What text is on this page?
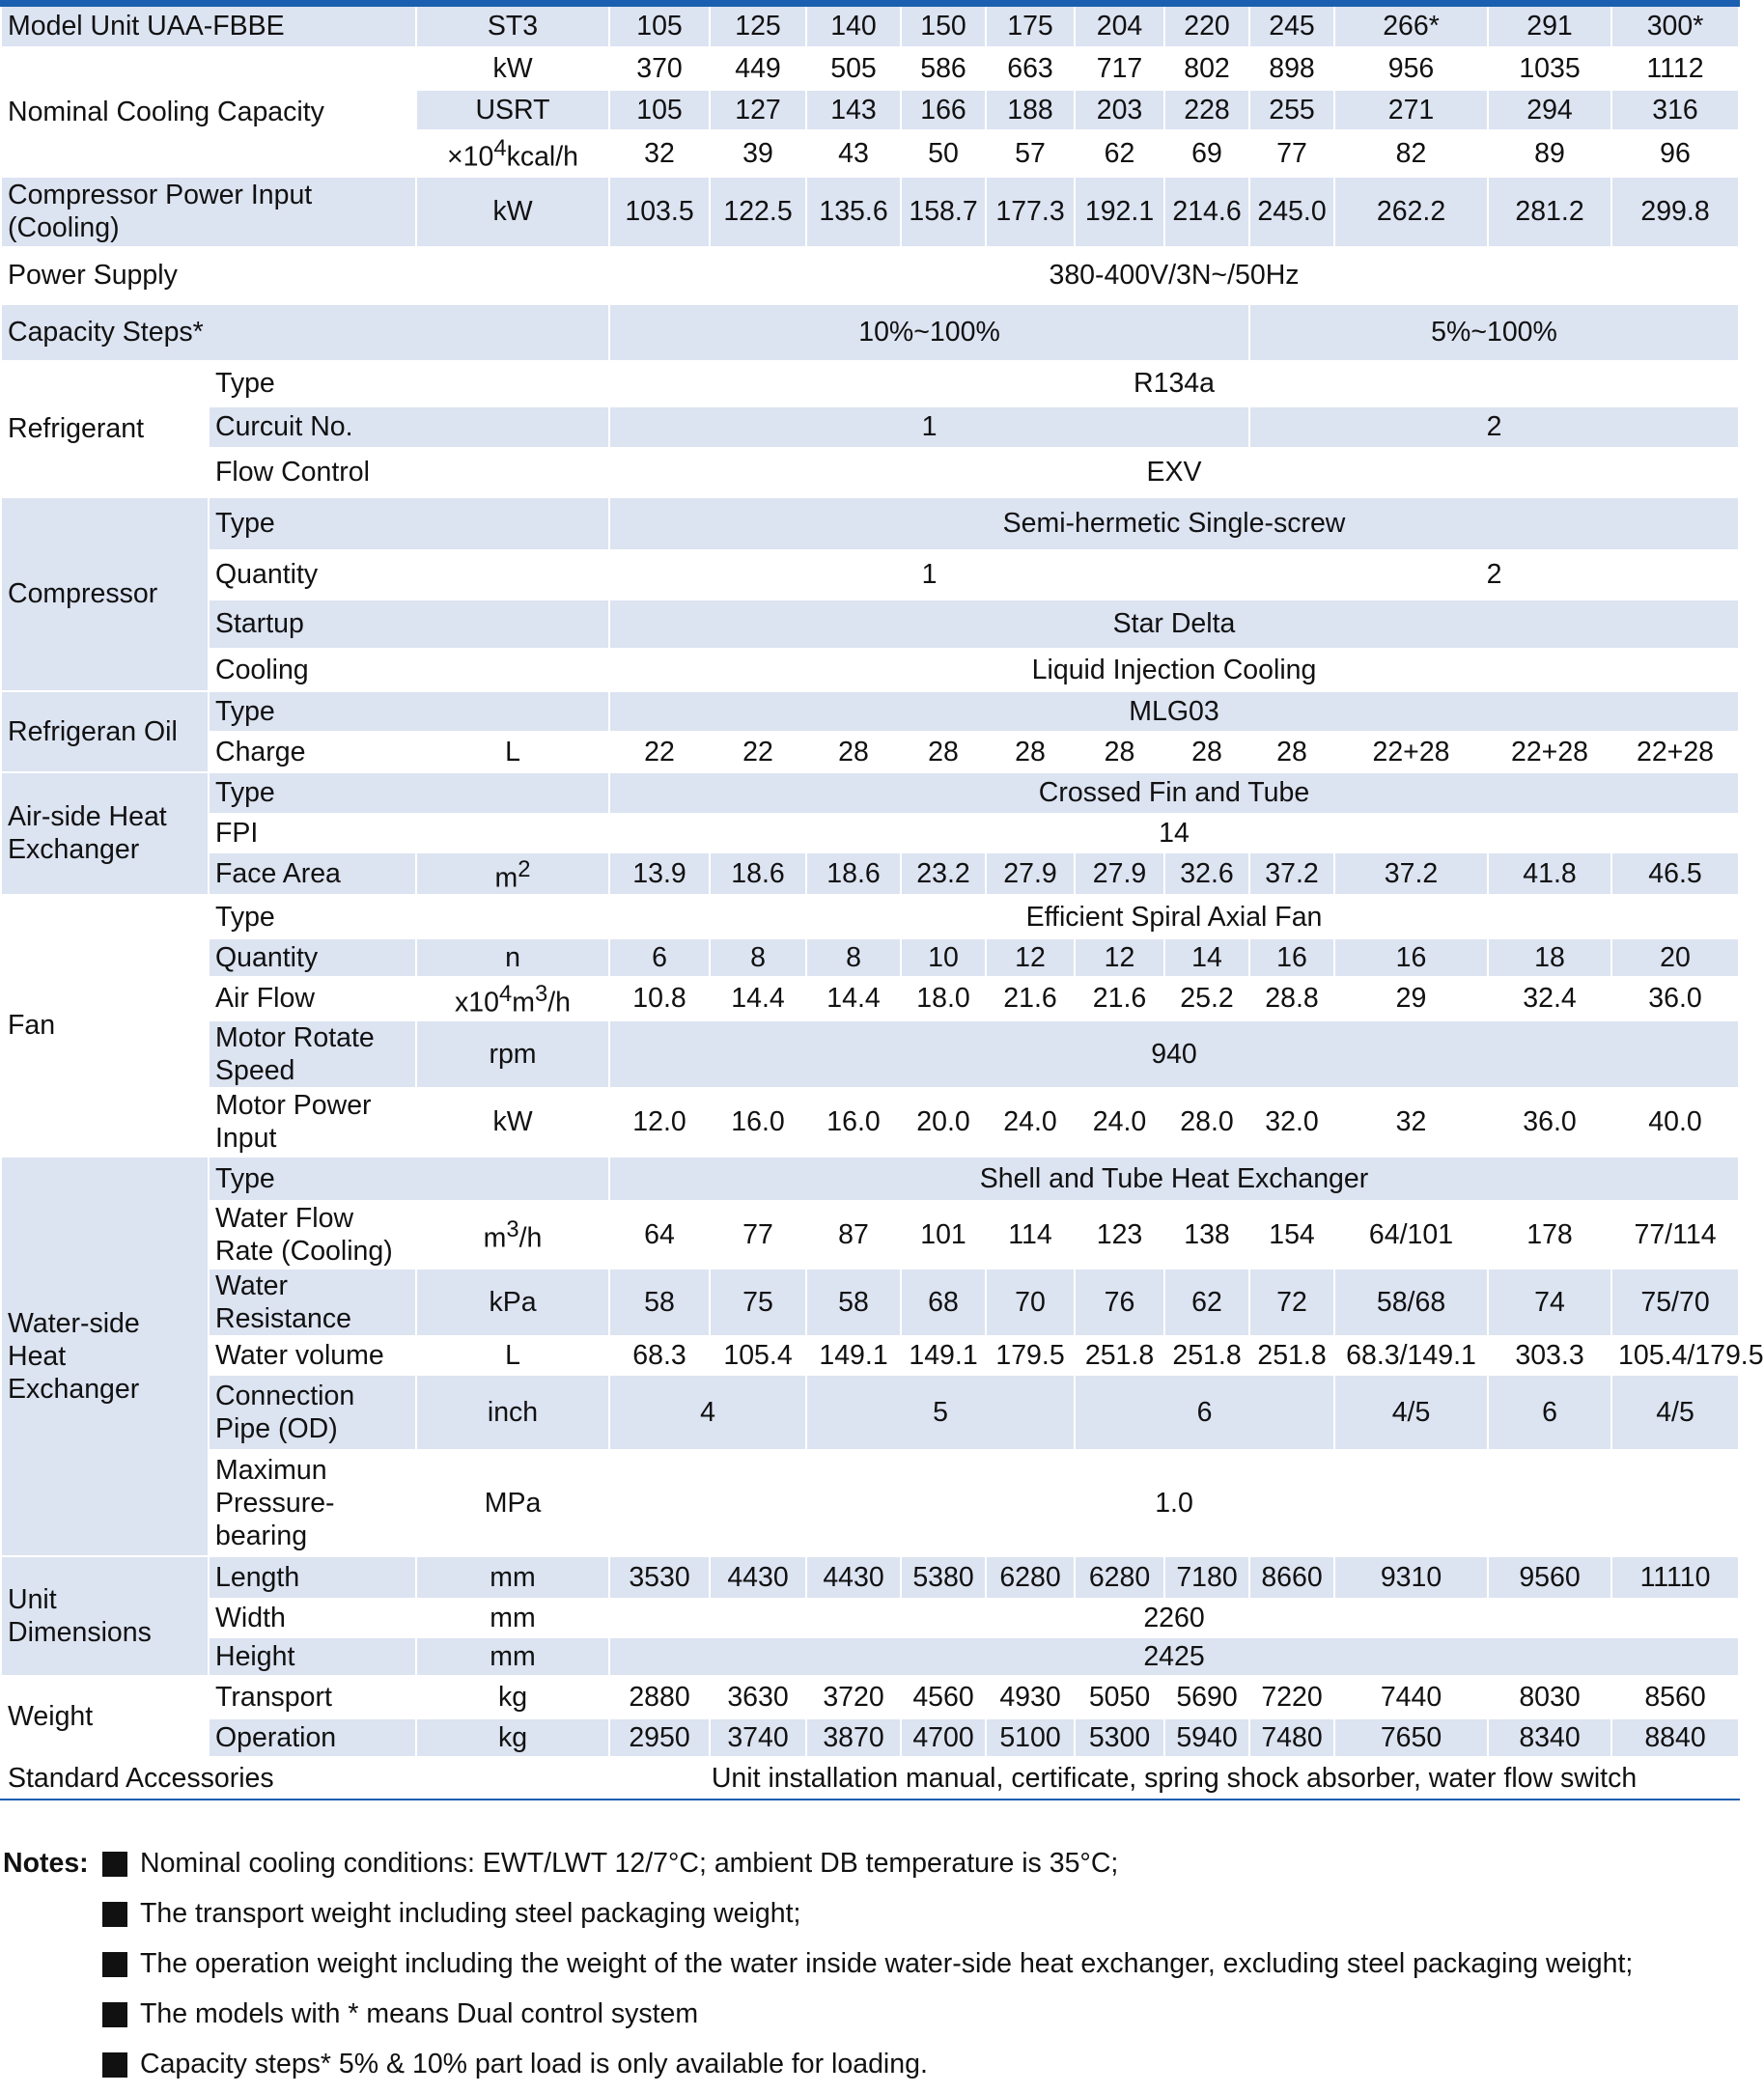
Model Unit UAA-FBBE		ST3	105	125	140	150	175	204	220	245	266*	291	300*
Nominal Cooling Capacity		kW	370	449	505	586	663	717	802	898	956	1035	1112
		USRT	105	127	143	166	188	203	228	255	271	294	316
		$\times 10^4kcal/h$	32	39	43	50	57	62	69	77	82	89	96

Compressor Power Input
(Cooling)		kW	103.5	122.5	135.6	158.7	177.3	192.1	214.6	245.0	262.2	281.2	299.8
Power Supply			380-400V/3N~/50Hz										
Capacity Steps*			10%~100%							5%~100%			
Refrigerant	Type		R134a										
	Curcuit No.		1							2			
	Flow Control		EXV										
Compressor	Type		Semi-hermetic Single-screw										
	Quantity		1							2			
	Startup		Star Delta										
	Cooling		Liquid Injection Cooling										
Refrigeran Oil	Type		MLG03										
	Charge	L	22	22	28	28	28	28	28	28	22+28	22+28	22+28

Air-side Heat
Exchanger	Type		Crossed Fin and Tube										
	FPI		14										
	Face Area	$m^2$	13.9	18.6	18.6	23.2	27.9	27.9	32.6	37.2	37.2	41.8	46.5
Fan	Type		Efficient Spiral Axial Fan										
	Quantity	n	6	8	8	10	12	12	14	16	16	18	20
	Air Flow	$x10^4m^3/h$	10.8	14.4	14.4	18.0	21.6	21.6	25.2	28.8	29	32.4	36.0

	Motor Rotate
Speed	rpm	940										

	Motor Power
Input	kW	12.0	16.0	16.0	20.0	24.0	24.0	28.0	32.0	32	36.0	40.0

Water-side
Heat
Exchanger	Type		Shell and Tube Heat Exchanger										

	Water Flow
Rate (Cooling)	$m^3/h$	64	77	87	101	114	123	138	154	64/101	178	77/114

	Water
Resistance	kPa	58	75	58	68	70	76	62	72	58/68	74	75/70
	Water volume	L	68.3	105.4	149.1	149.1	179.5	251.8	251.8	251.8	68.3/149.1	303.3	105.4/179.5

	Connection
Pipe (OD)	inch	4		5			6			4/5	6	4/5

	Maximun
Pressure-
bearing	MPa	1.0										

Unit
Dimensions	Length	mm	3530	4430	4430	5380	6280	6280	7180	8660	9310	9560	11110
	Width	mm	2260										
	Height	mm	2425										
Weight	Transport	kg	2880	3630	3720	4560	4930	5050	5690	7220	7440	8030	8560
	Operation	kg	2950	3740	3870	4700	5100	5300	5940	7480	7650	8340	8840
Standard Accessories			Unit installation manual, certificate, spring shock absorber, water flow switch										
Notes: Nominal cooling conditions: EWT/LWT 12/7°C; ambient DB temperature is 35°C;
The transport weight including steel packaging weight;
The operation weight including the weight of the water inside water-side heat exchanger, excluding steel packaging weight;
The models with * means Dual control system
Capacity steps* 5% & 10% part load is only available for loading.
